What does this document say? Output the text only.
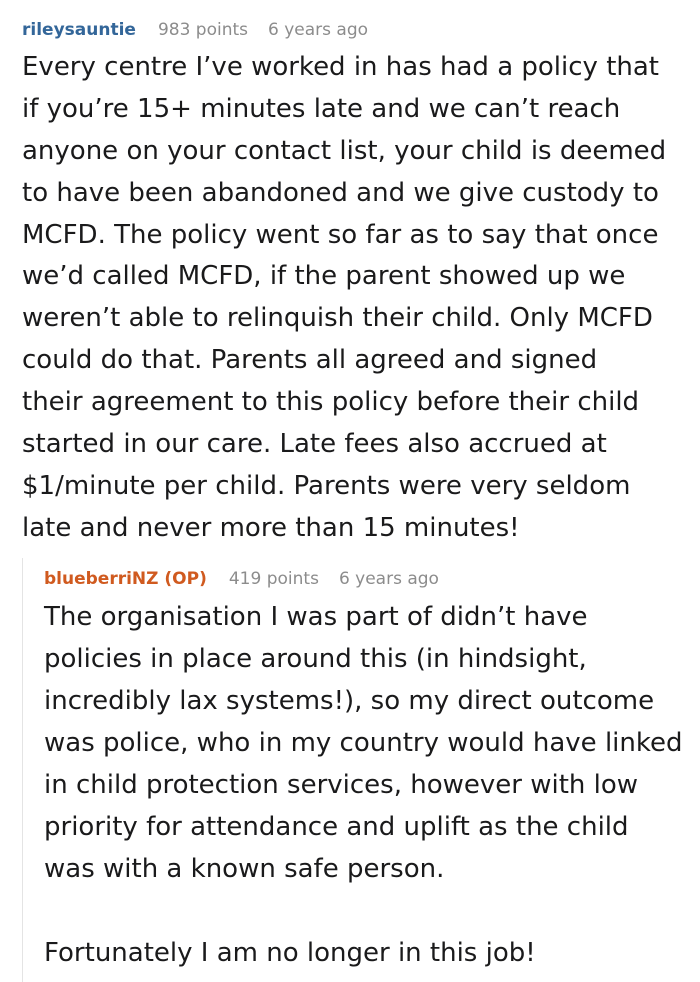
rileysauntie 983 points 6 years ago

Every centre I’ve worked in has had a policy that
if you’re 15+ minutes late and we can’t reach
anyone on your contact list, your child is deemed
to have been abandoned and we give custody to
MCFD. The policy went so far as to say that once
we’d called MCFD, if the parent showed up we
weren’t able to relinquish their child. Only MCFD
could do that. Parents all agreed and signed
their agreement to this policy before their child
started in our care. Late fees also accrued at
$1/minute per child. Parents were very seldom
late and never more than 15 minutes!

blueberriNZ (OP) 419 points 6 years ago

The organisation I was part of didn’t have
policies in place around this (in hindsight,
incredibly lax systems!), so my direct outcome
was police, who in my country would have linked
in child protection services, however with low
priority for attendance and uplift as the child
was with a known safe person.
Fortunately I am no longer in this job!
